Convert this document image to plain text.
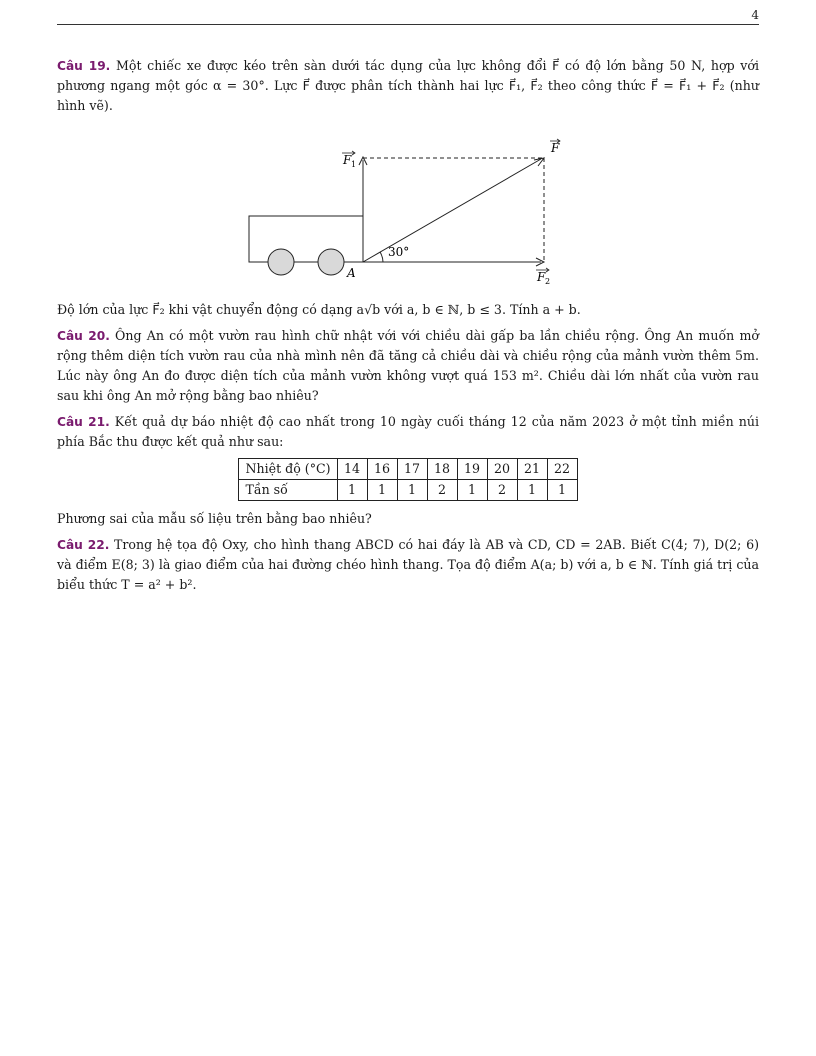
4

Câu 19. Một chiếc xe được kéo trên sàn dưới tác dụng của lực không đổi F⃗ có độ lớn bằng 50 N, hợp với phương ngang một góc α = 30°. Lực F⃗ được phân tích thành hai lực F⃗₁, F⃗₂ theo công thức F⃗ = F⃗₁ + F⃗₂ (như hình vẽ).

30°
A
F
F 1
F 2

Độ lớn của lực F⃗₂ khi vật chuyển động có dạng a√b với a, b ∈ ℕ, b ≤ 3. Tính a + b.

Câu 20. Ông An có một vườn rau hình chữ nhật với với chiều dài gấp ba lần chiều rộng. Ông An muốn mở rộng thêm diện tích vườn rau của nhà mình nên đã tăng cả chiều dài và chiều rộng của mảnh vườn thêm 5m. Lúc này ông An đo được diện tích của mảnh vườn không vượt quá 153 m². Chiều dài lớn nhất của vườn rau sau khi ông An mở rộng bằng bao nhiêu?

Câu 21. Kết quả dự báo nhiệt độ cao nhất trong 10 ngày cuối tháng 12 của năm 2023 ở một tỉnh miền núi phía Bắc thu được kết quả như sau:

Nhiệt độ (°C)	14	16	17	18	19	20	21	22
Tần số	1	1	1	2	1	2	1	1

Phương sai của mẫu số liệu trên bằng bao nhiêu?

Câu 22. Trong hệ tọa độ Oxy, cho hình thang ABCD có hai đáy là AB và CD, CD = 2AB. Biết C(4; 7), D(2; 6) và điểm E(8; 3) là giao điểm của hai đường chéo hình thang. Tọa độ điểm A(a; b) với a, b ∈ ℕ. Tính giá trị của biểu thức T = a² + b².
